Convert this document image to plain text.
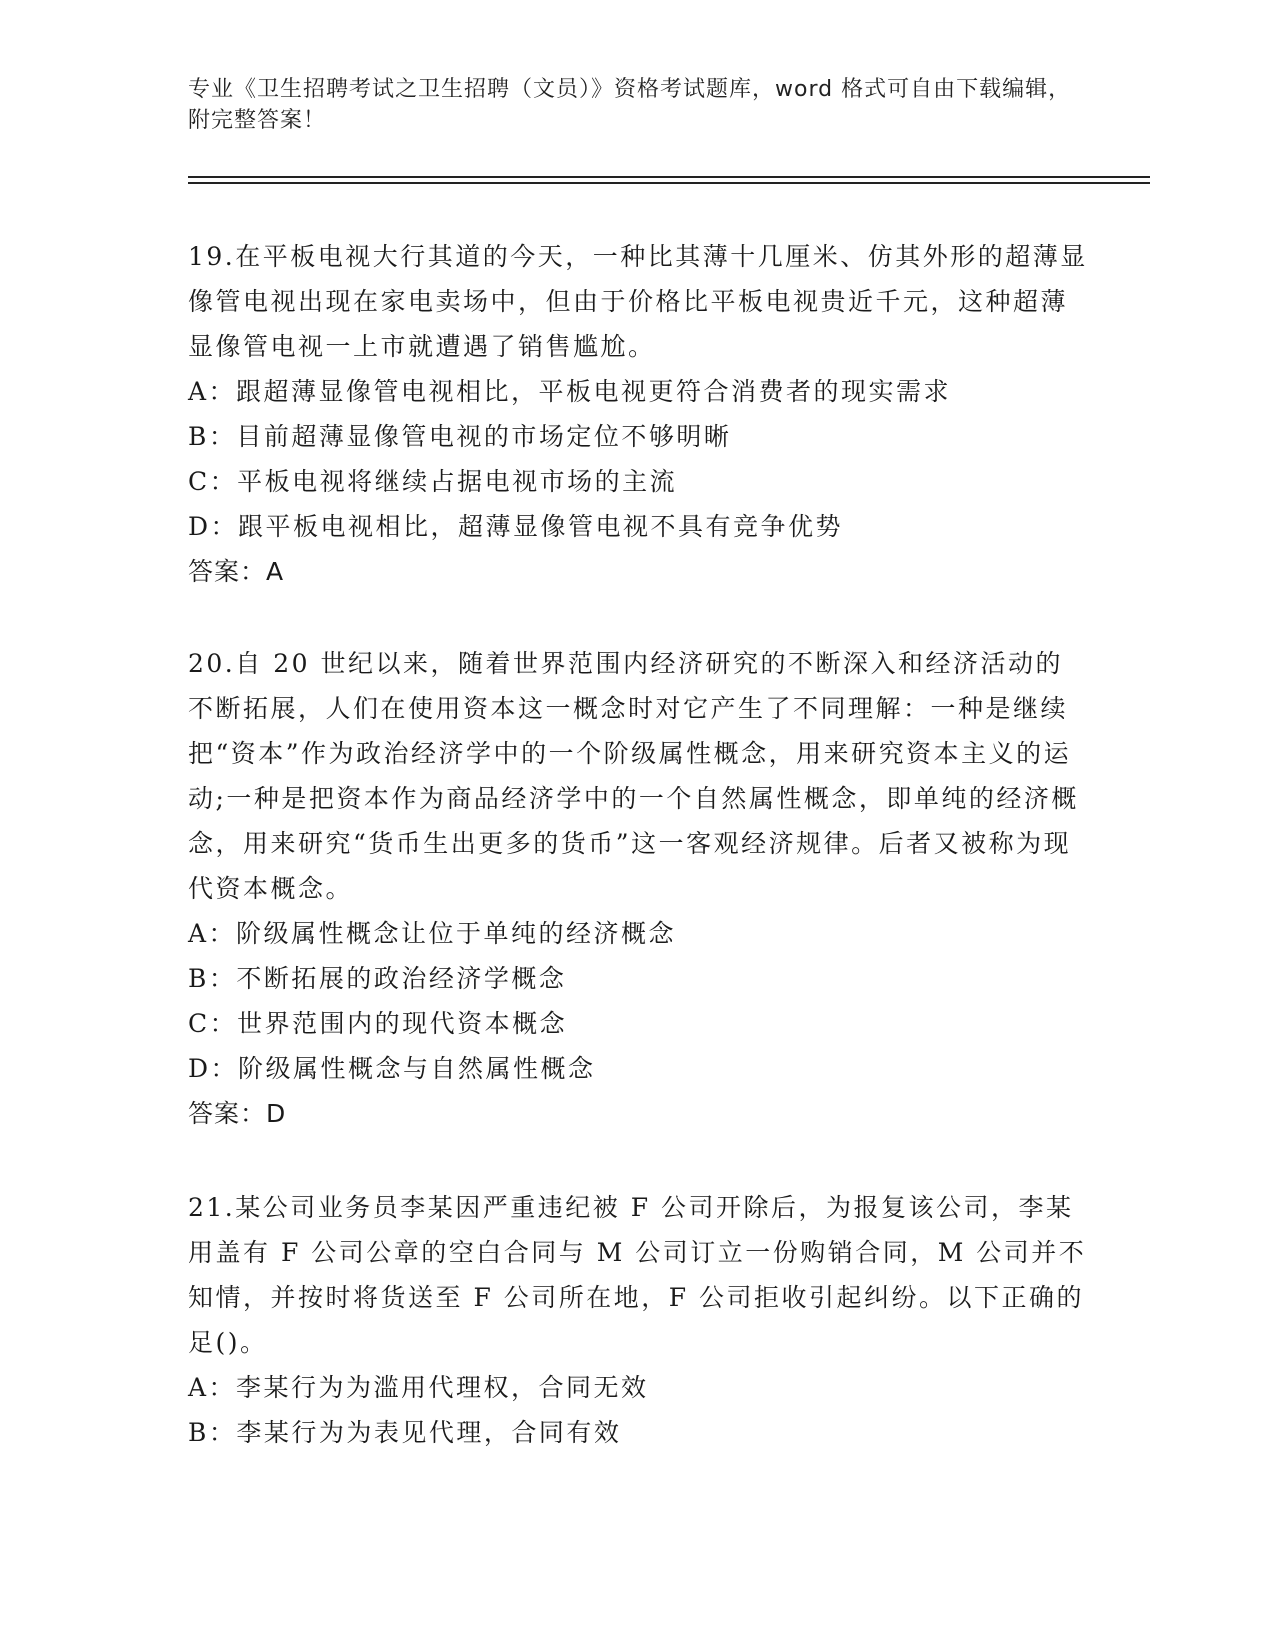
专业《卫生招聘考试之卫生招聘（文员）》资格考试题库，word 格式可自由下载编辑，附完整答案！
19.在平板电视大行其道的今天，一种比其薄十几厘米、仿其外形的超薄显像管电视出现在家电卖场中，但由于价格比平板电视贵近千元，这种超薄显像管电视一上市就遭遇了销售尴尬。
A：跟超薄显像管电视相比，平板电视更符合消费者的现实需求
B：目前超薄显像管电视的市场定位不够明晰
C：平板电视将继续占据电视市场的主流
D：跟平板电视相比，超薄显像管电视不具有竞争优势
答案：A
20.自 20 世纪以来，随着世界范围内经济研究的不断深入和经济活动的不断拓展，人们在使用资本这一概念时对它产生了不同理解：一种是继续把“资本”作为政治经济学中的一个阶级属性概念，用来研究资本主义的运动;一种是把资本作为商品经济学中的一个自然属性概念，即单纯的经济概念，用来研究“货币生出更多的货币”这一客观经济规律。后者又被称为现代资本概念。
A：阶级属性概念让位于单纯的经济概念
B：不断拓展的政治经济学概念
C：世界范围内的现代资本概念
D：阶级属性概念与自然属性概念
答案：D
21.某公司业务员李某因严重违纪被 F 公司开除后，为报复该公司，李某用盖有 F 公司公章的空白合同与 M 公司订立一份购销合同，M 公司并不知情，并按时将货送至 F 公司所在地，F 公司拒收引起纠纷。以下正确的足()。
A：李某行为为滥用代理权，合同无效
B：李某行为为表见代理，合同有效
